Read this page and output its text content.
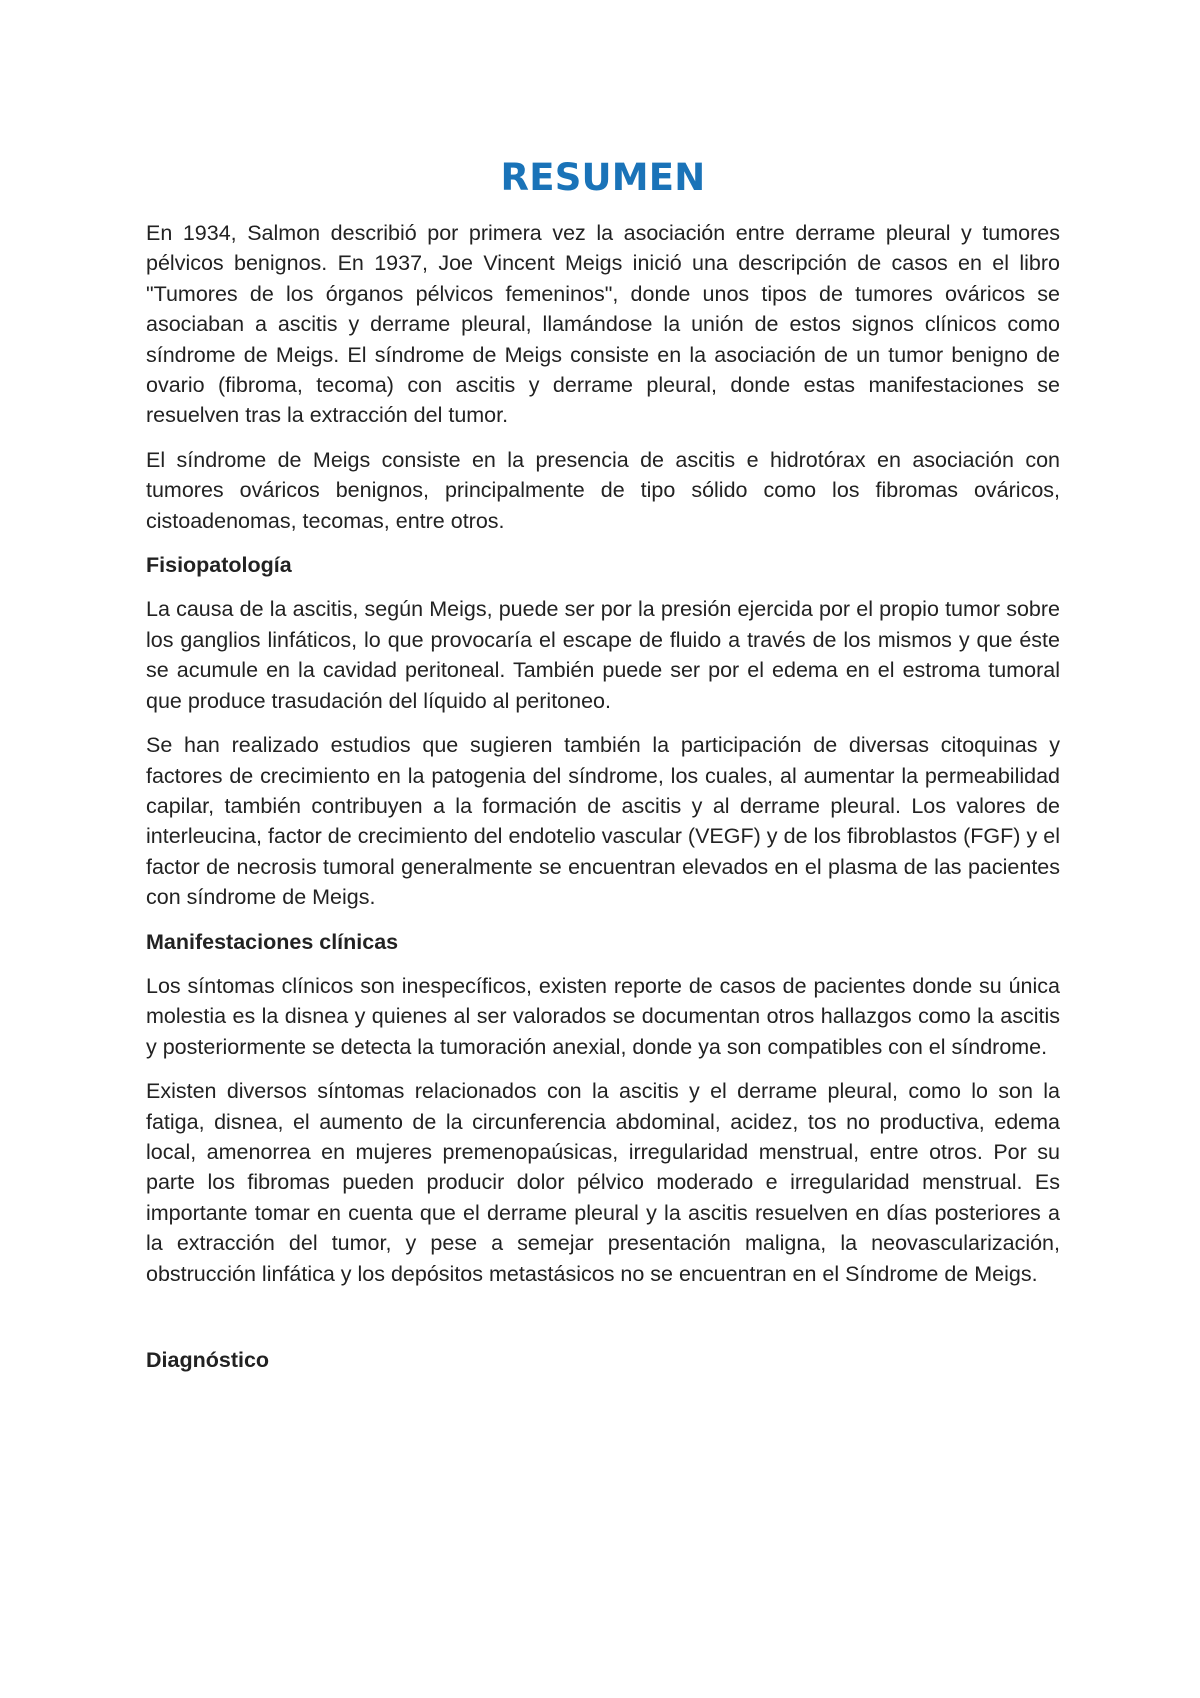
RESUMEN

En 1934, Salmon describió por primera vez la asociación entre derrame pleural y tumores pélvicos benignos. En 1937, Joe Vincent Meigs inició una descripción de casos en el libro "Tumores de los órganos pélvicos femeninos", donde unos tipos de tumores ováricos se asociaban a ascitis y derrame pleural, llamándose la unión de estos signos clínicos como síndrome de Meigs. El síndrome de Meigs consiste en la asociación de un tumor benigno de ovario (fibroma, tecoma) con ascitis y derrame pleural, donde estas manifestaciones se resuelven tras la extracción del tumor.

El síndrome de Meigs consiste en la presencia de ascitis e hidrotórax en asociación con tumores ováricos benignos, principalmente de tipo sólido como los fibromas ováricos, cistoadenomas, tecomas, entre otros.

Fisiopatología

La causa de la ascitis, según Meigs, puede ser por la presión ejercida por el propio tumor sobre los ganglios linfáticos, lo que provocaría el escape de fluido a través de los mismos y que éste se acumule en la cavidad peritoneal. También puede ser por el edema en el estroma tumoral que produce trasudación del líquido al peritoneo.

Se han realizado estudios que sugieren también la participación de diversas citoquinas y factores de crecimiento en la patogenia del síndrome, los cuales, al aumentar la permeabilidad capilar, también contribuyen a la formación de ascitis y al derrame pleural. Los valores de interleucina, factor de crecimiento del endotelio vascular (VEGF) y de los fibroblastos (FGF) y el factor de necrosis tumoral generalmente se encuentran elevados en el plasma de las pacientes con síndrome de Meigs.

Manifestaciones clínicas

Los síntomas clínicos son inespecíficos, existen reporte de casos de pacientes donde su única molestia es la disnea y quienes al ser valorados se documentan otros hallazgos como la ascitis y posteriormente se detecta la tumoración anexial, donde ya son compatibles con el síndrome.

Existen diversos síntomas relacionados con la ascitis y el derrame pleural, como lo son la fatiga, disnea, el aumento de la circunferencia abdominal, acidez, tos no productiva, edema local, amenorrea en mujeres premenopaúsicas, irregularidad menstrual, entre otros. Por su parte los fibromas pueden producir dolor pélvico moderado e irregularidad menstrual. Es importante tomar en cuenta que el derrame pleural y la ascitis resuelven en días posteriores a la extracción del tumor, y pese a semejar presentación maligna, la neovascularización, obstrucción linfática y los depósitos metastásicos no se encuentran en el Síndrome de Meigs.

Diagnóstico
